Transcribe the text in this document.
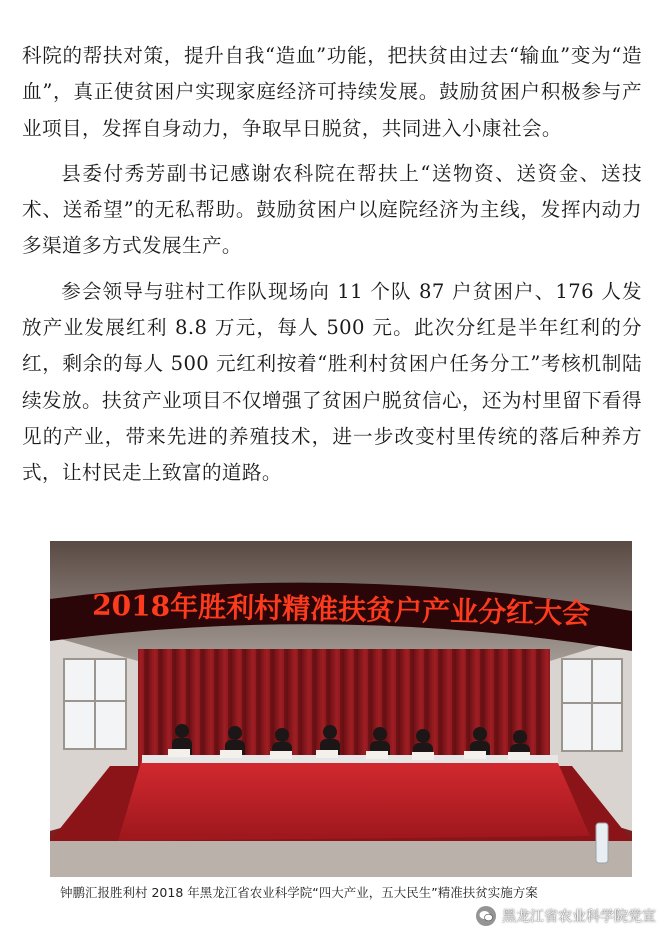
科院的帮扶对策，提升自我“造血”功能，把扶贫由过去“输血”变为“造血”，真正使贫困户实现家庭经济可持续发展。鼓励贫困户积极参与产业项目，发挥自身动力，争取早日脱贫，共同进入小康社会。

县委付秀芳副书记感谢农科院在帮扶上“送物资、送资金、送技术、送希望”的无私帮助。鼓励贫困户以庭院经济为主线，发挥内动力多渠道多方式发展生产。

参会领导与驻村工作队现场向 11 个队 87 户贫困户、176 人发放产业发展红利 8.8 万元，每人 500 元。此次分红是半年红利的分红，剩余的每人 500 元红利按着“胜利村贫困户任务分工”考核机制陆续发放。扶贫产业项目不仅增强了贫困户脱贫信心，还为村里留下看得见的产业，带来先进的养殖技术，进一步改变村里传统的落后种养方式，让村民走上致富的道路。

2018年胜利村精准扶贫户产业分红大会
钟鹏汇报胜利村 2018 年黑龙江省农业科学院“四大产业，五大民生”精准扶贫实施方案
黑龙江省农业科学院党宣
